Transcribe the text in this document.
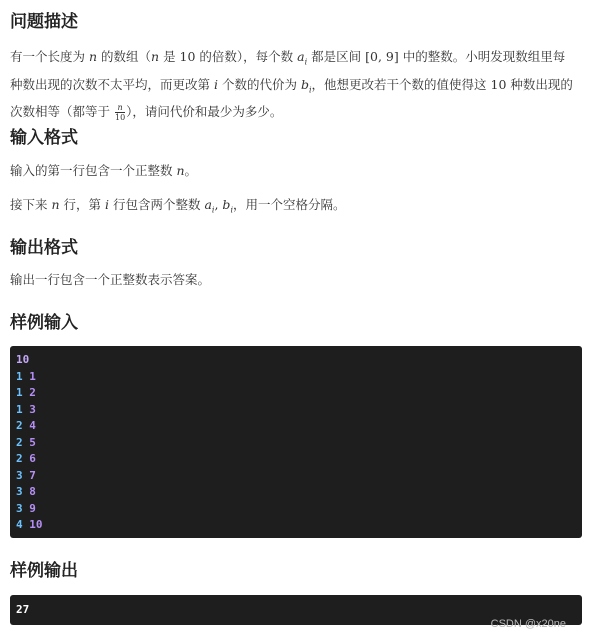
问题描述

有一个长度为 n 的数组（n 是 10 的倍数），每个数 $a_i$ 都是区间 [0, 9] 中的整数。小明发现数组里每
种数出现的次数不太平均，而更改第 i 个数的代价为 $b_i$，他想更改若干个数的值使得这 10 种数出现的
次数相等（都等于 $\frac{n}{10}$ ），请问代价和最少为多少。

输入格式

输入的第一行包含一个正整数 n。

接下来 n 行，第 i 行包含两个整数 $a_i$, $b_i$，用一个空格分隔。

输出格式

输出一行包含一个正整数表示答案。

样例输入
10
1 1
1 2
1 3
2 4
2 5
2 6
3 7
3 8
3 9
4 10
样例输出
27
CSDN @x20ne
